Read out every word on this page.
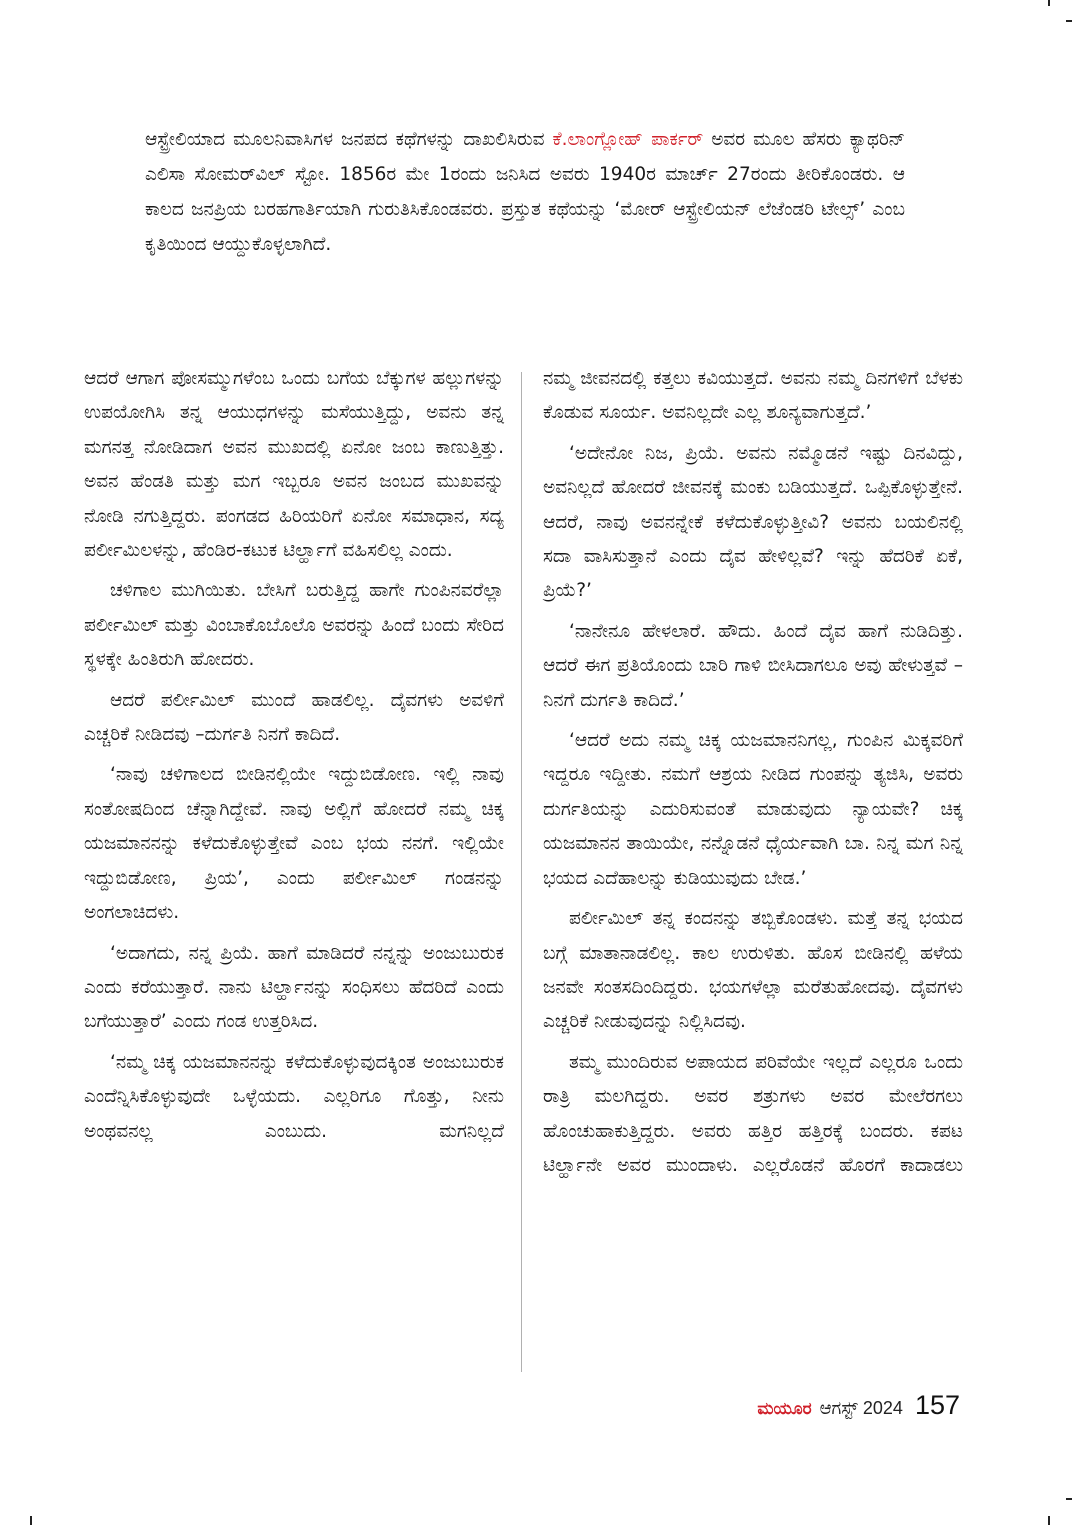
ಆಸ್ಟ್ರೇಲಿಯಾದ ಮೂಲನಿವಾಸಿಗಳ ಜನಪದ ಕಥೆಗಳನ್ನು ದಾಖಲಿಸಿರುವ ಕೆ.ಲಾಂಗ್ಲೋಹ್ ಪಾರ್ಕರ್ ಅವರ ಮೂಲ ಹೆಸರು ಕ್ಯಾಥರಿನ್ ಎಲಿಸಾ ಸೋಮರ್‌ವಿಲ್ ಸ್ಟೋ. 1856ರ ಮೇ 1ರಂದು ಜನಿಸಿದ ಅವರು 1940ರ ಮಾರ್ಚ್ 27ರಂದು ತೀರಿಕೊಂಡರು. ಆ ಕಾಲದ ಜನಪ್ರಿಯ ಬರಹಗಾರ್ತಿಯಾಗಿ ಗುರುತಿಸಿಕೊಂಡವರು. ಪ್ರಸ್ತುತ ಕಥೆಯನ್ನು ‘ಮೋರ್ ಆಸ್ಟ್ರೇಲಿಯನ್ ಲೆಜೆಂಡರಿ ಟೇಲ್ಸ್’ ಎಂಬ ಕೃತಿಯಿಂದ ಆಯ್ದುಕೊಳ್ಳಲಾಗಿದೆ.

ಆದರೆ ಆಗಾಗ ಪೋಸಮ್ಮುಗಳೆಂಬ ಒಂದು ಬಗೆಯ ಬೆಕ್ಕುಗಳ ಹಲ್ಲುಗಳನ್ನು ಉಪಯೋಗಿಸಿ ತನ್ನ ಆಯುಧಗಳನ್ನು ಮಸೆಯುತ್ತಿದ್ದು, ಅವನು ತನ್ನ ಮಗನತ್ತ ನೋಡಿದಾಗ ಅವನ ಮುಖದಲ್ಲಿ ಏನೋ ಜಂಬ ಕಾಣುತ್ತಿತ್ತು. ಅವನ ಹೆಂಡತಿ ಮತ್ತು ಮಗ ಇಬ್ಬರೂ ಅವನ ಜಂಬದ ಮುಖವನ್ನು ನೋಡಿ ನಗುತ್ತಿದ್ದರು. ಪಂಗಡದ ಹಿರಿಯರಿಗೆ ಏನೋ ಸಮಾಧಾನ, ಸದ್ಯ ಪರ್ಲೀಮಿಲಳನ್ನು, ಹೆಂಡಿರ-ಕಟುಕ ಟಿರ್ಲ್ಹಾಗೆ ವಹಿಸಲಿಲ್ಲ ಎಂದು.

ಚಳಿಗಾಲ ಮುಗಿಯಿತು. ಬೇಸಿಗೆ ಬರುತ್ತಿದ್ದ ಹಾಗೇ ಗುಂಪಿನವರೆಲ್ಲಾ ಪರ್ಲೀಮಿಲ್ ಮತ್ತು ವಿಂಬಾಕೊಬೊಲೊ ಅವರನ್ನು ಹಿಂದೆ ಬಂದು ಸೇರಿದ ಸ್ಥಳಕ್ಕೇ ಹಿಂತಿರುಗಿ ಹೋದರು.

ಆದರೆ ಪರ್ಲೀಮಿಲ್ ಮುಂದೆ ಹಾಡಲಿಲ್ಲ. ದೈವಗಳು ಅವಳಿಗೆ ಎಚ್ಚರಿಕೆ ನೀಡಿದವು –ದುರ್ಗತಿ ನಿನಗೆ ಕಾದಿದೆ.

‘ನಾವು ಚಳಿಗಾಲದ ಬೀಡಿನಲ್ಲಿಯೇ ಇದ್ದುಬಿಡೋಣ. ಇಲ್ಲಿ ನಾವು ಸಂತೋಷದಿಂದ ಚೆನ್ನಾಗಿದ್ದೇವೆ. ನಾವು ಅಲ್ಲಿಗೆ ಹೋದರೆ ನಮ್ಮ ಚಿಕ್ಕ ಯಜಮಾನನನ್ನು ಕಳೆದುಕೊಳ್ಳುತ್ತೇವೆ ಎಂಬ ಭಯ ನನಗೆ. ಇಲ್ಲಿಯೇ ಇದ್ದುಬಿಡೋಣ, ಪ್ರಿಯ’, ಎಂದು ಪರ್ಲೀಮಿಲ್ ಗಂಡನನ್ನು ಅಂಗಲಾಚಿದಳು.

‘ಅದಾಗದು, ನನ್ನ ಪ್ರಿಯೆ. ಹಾಗೆ ಮಾಡಿದರೆ ನನ್ನನ್ನು ಅಂಜುಬುರುಕ ಎಂದು ಕರೆಯುತ್ತಾರೆ. ನಾನು ಟಿರ್ಲ್ಹಾನನ್ನು ಸಂಧಿಸಲು ಹೆದರಿದೆ ಎಂದು ಬಗೆಯುತ್ತಾರೆ’ ಎಂದು ಗಂಡ ಉತ್ತರಿಸಿದ.

‘ನಮ್ಮ ಚಿಕ್ಕ ಯಜಮಾನನನ್ನು ಕಳೆದುಕೊಳ್ಳುವುದಕ್ಕಿಂತ ಅಂಜುಬುರುಕ ಎಂದೆನ್ನಿಸಿಕೊಳ್ಳುವುದೇ ಒಳ್ಳೆಯದು. ಎಲ್ಲರಿಗೂ ಗೊತ್ತು, ನೀನು ಅಂಥವನಲ್ಲ ಎಂಬುದು. ಮಗನಿಲ್ಲದೆ

ನಮ್ಮ ಜೀವನದಲ್ಲಿ ಕತ್ತಲು ಕವಿಯುತ್ತದೆ. ಅವನು ನಮ್ಮ ದಿನಗಳಿಗೆ ಬೆಳಕು ಕೊಡುವ ಸೂರ್ಯ. ಅವನಿಲ್ಲದೇ ಎಲ್ಲ ಶೂನ್ಯವಾಗುತ್ತದೆ.’

‘ಅದೇನೋ ನಿಜ, ಪ್ರಿಯೆ. ಅವನು ನಮ್ಮೊಡನೆ ಇಷ್ಟು ದಿನವಿದ್ದು, ಅವನಿಲ್ಲದೆ ಹೋದರೆ ಜೀವನಕ್ಕೆ ಮಂಕು ಬಡಿಯುತ್ತದೆ. ಒಪ್ಪಿಕೊಳ್ಳುತ್ತೇನೆ. ಆದರೆ, ನಾವು ಅವನನ್ನೇಕೆ ಕಳೆದುಕೊಳ್ಳುತ್ತೀವಿ? ಅವನು ಬಯಲಿನಲ್ಲಿ ಸದಾ ವಾಸಿಸುತ್ತಾನೆ ಎಂದು ದೈವ ಹೇಳಿಲ್ಲವೆ? ಇನ್ನು ಹೆದರಿಕೆ ಏಕೆ, ಪ್ರಿಯೆ?’

‘ನಾನೇನೂ ಹೇಳಲಾರೆ. ಹೌದು. ಹಿಂದೆ ದೈವ ಹಾಗೆ ನುಡಿದಿತ್ತು. ಆದರೆ ಈಗ ಪ್ರತಿಯೊಂದು ಬಾರಿ ಗಾಳಿ ಬೀಸಿದಾಗಲೂ ಅವು ಹೇಳುತ್ತವೆ – ನಿನಗೆ ದುರ್ಗತಿ ಕಾದಿದೆ.’

‘ಆದರೆ ಅದು ನಮ್ಮ ಚಿಕ್ಕ ಯಜಮಾನನಿಗಲ್ಲ, ಗುಂಪಿನ ಮಿಕ್ಕವರಿಗೆ ಇದ್ದರೂ ಇದ್ದೀತು. ನಮಗೆ ಆಶ್ರಯ ನೀಡಿದ ಗುಂಪನ್ನು ತ್ಯಜಿಸಿ, ಅವರು ದುರ್ಗತಿಯನ್ನು ಎದುರಿಸುವಂತೆ ಮಾಡುವುದು ನ್ಯಾಯವೇ? ಚಿಕ್ಕ ಯಜಮಾನನ ತಾಯಿಯೇ, ನನ್ನೊಡನೆ ಧೈರ್ಯವಾಗಿ ಬಾ. ನಿನ್ನ ಮಗ ನಿನ್ನ ಭಯದ ಎದೆಹಾಲನ್ನು ಕುಡಿಯುವುದು ಬೇಡ.’

ಪರ್ಲೀಮಿಲ್ ತನ್ನ ಕಂದನನ್ನು ತಬ್ಬಿಕೊಂಡಳು. ಮತ್ತೆ ತನ್ನ ಭಯದ ಬಗ್ಗೆ ಮಾತಾನಾಡಲಿಲ್ಲ. ಕಾಲ ಉರುಳಿತು. ಹೊಸ ಬೀಡಿನಲ್ಲಿ ಹಳೆಯ ಜನವೇ ಸಂತಸದಿಂದಿದ್ದರು. ಭಯಗಳೆಲ್ಲಾ ಮರೆತುಹೋದವು. ದೈವಗಳು ಎಚ್ಚರಿಕೆ ನೀಡುವುದನ್ನು ನಿಲ್ಲಿಸಿದವು.

ತಮ್ಮ ಮುಂದಿರುವ ಅಪಾಯದ ಪರಿವೆಯೇ ಇಲ್ಲದೆ ಎಲ್ಲರೂ ಒಂದು ರಾತ್ರಿ ಮಲಗಿದ್ದರು. ಅವರ ಶತ್ರುಗಳು ಅವರ ಮೇಲೆರಗಲು ಹೊಂಚುಹಾಕುತ್ತಿದ್ದರು. ಅವರು ಹತ್ತಿರ ಹತ್ತಿರಕ್ಕೆ ಬಂದರು. ಕಪಟ ಟಿರ್ಲ್ಹಾನೇ ಅವರ ಮುಂದಾಳು. ಎಲ್ಲರೊಡನೆ ಹೊರಗೆ ಕಾದಾಡಲು

ಮಯೂರ ಆಗಸ್ಟ್ 2024 157
